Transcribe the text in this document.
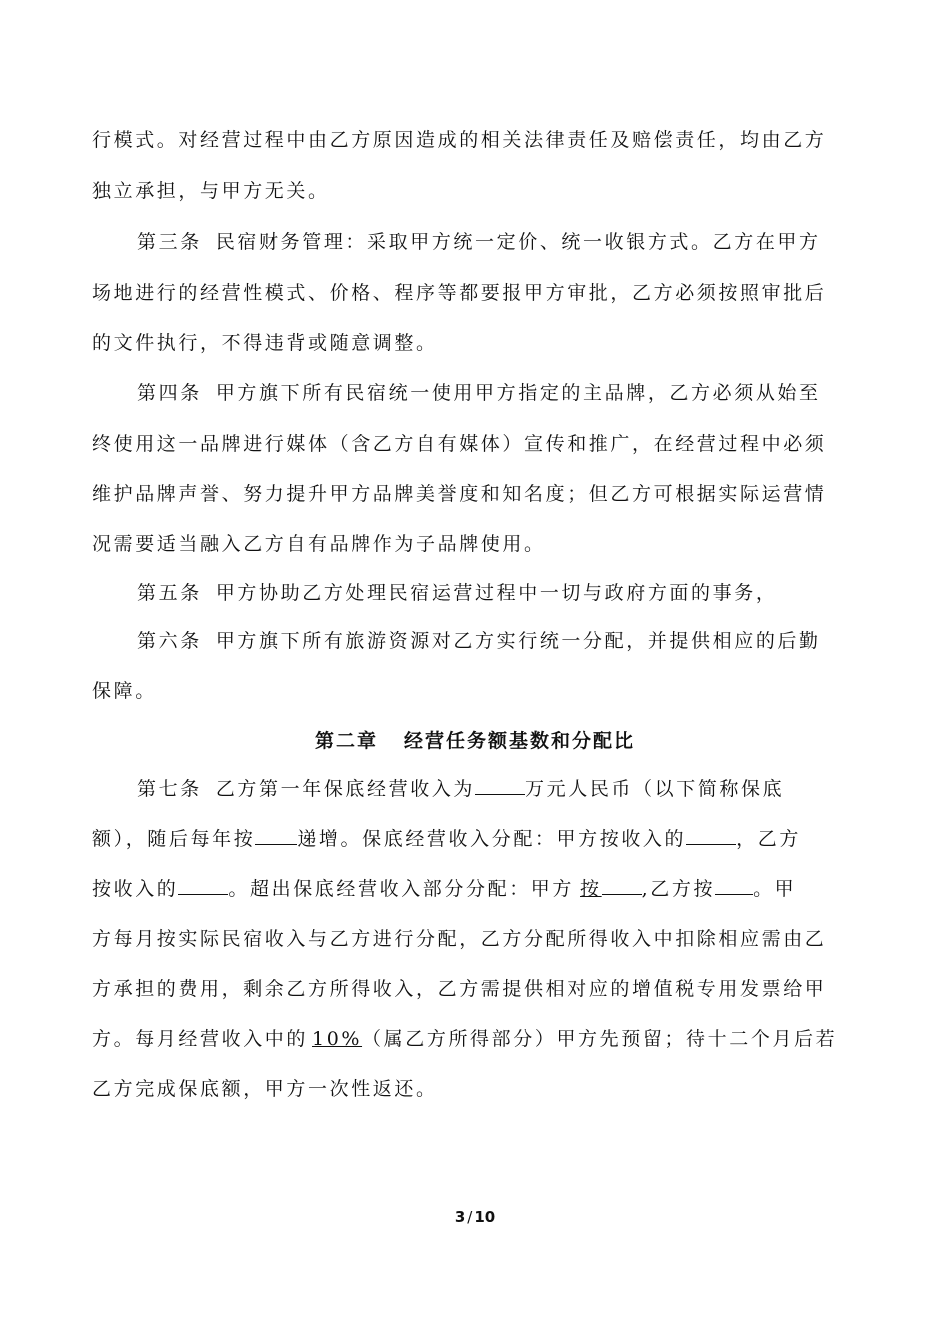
行模式。对经营过程中由乙方原因造成的相关法律责任及赔偿责任，均由乙方
独立承担，与甲方无关。
第三条 民宿财务管理：采取甲方统一定价、统一收银方式。乙方在甲方
场地进行的经营性模式、价格、程序等都要报甲方审批，乙方必须按照审批后
的文件执行，不得违背或随意调整。
第四条 甲方旗下所有民宿统一使用甲方指定的主品牌，乙方必须从始至
终使用这一品牌进行媒体（含乙方自有媒体）宣传和推广，在经营过程中必须
维护品牌声誉、努力提升甲方品牌美誉度和知名度；但乙方可根据实际运营情
况需要适当融入乙方自有品牌作为子品牌使用。
第五条 甲方协助乙方处理民宿运营过程中一切与政府方面的事务，
第六条 甲方旗下所有旅游资源对乙方实行统一分配，并提供相应的后勤
保障。
第二章 经营任务额基数和分配比
第七条 乙方第一年保底经营收入为	万元人民币（以下简称保底
额），随后每年按 递增。保底经营收入分配：甲方按收入的	，乙方
按收入的	。超出保底经营收入部分分配：甲方 按 ,乙方按 。甲
方每月按实际民宿收入与乙方进行分配，乙方分配所得收入中扣除相应需由乙
方承担的费用，剩余乙方所得收入，乙方需提供相对应的增值税专用发票给甲
方。每月经营收入中的 10%（属乙方所得部分）甲方先预留；待十二个月后若
乙方完成保底额，甲方一次性返还。
3 / 10
